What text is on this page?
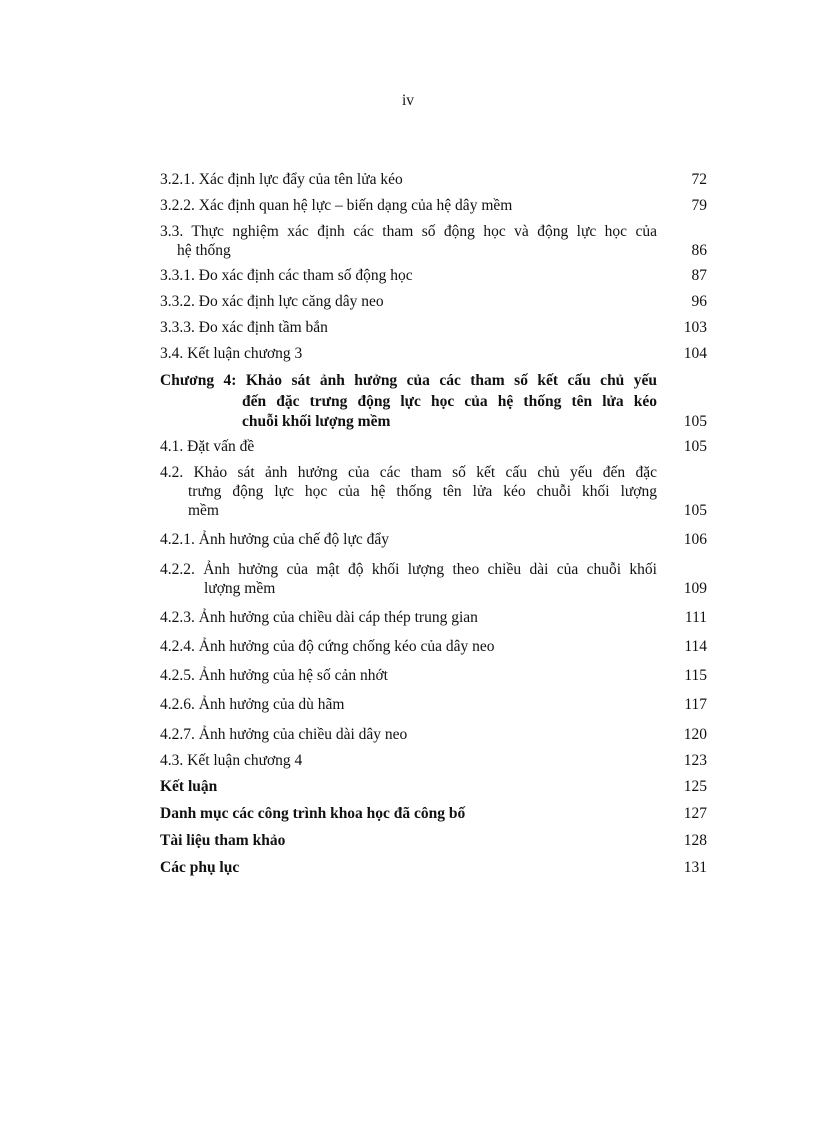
iv
3.2.1. Xác định lực đẩy của tên lửa kéo	72
3.2.2. Xác định quan hệ lực – biến dạng của hệ dây mềm	79
3.3. Thực nghiệm xác định các tham số động học và động lực học của
hệ thống	86
3.3.1. Đo xác định các tham số động học	87
3.3.2. Đo xác định lực căng dây neo	96
3.3.3. Đo xác định tầm bắn	103
3.4. Kết luận chương 3	104
Chương 4: Khảo sát ảnh hưởng của các tham số kết cấu chủ yếu
đến đặc trưng động lực học của hệ thống tên lửa kéo
chuỗi khối lượng mềm	105
4.1. Đặt vấn đề	105
4.2. Khảo sát ảnh hưởng của các tham số kết cấu chủ yếu đến đặc
trưng động lực học của hệ thống tên lửa kéo chuỗi khối lượng
mềm	105
4.2.1. Ảnh hưởng của chế độ lực đẩy	106
4.2.2. Ảnh hưởng của mật độ khối lượng theo chiều dài của chuỗi khối
lượng mềm	109
4.2.3. Ảnh hưởng của chiều dài cáp thép trung gian	111
4.2.4. Ảnh hưởng của độ cứng chống kéo của dây neo	114
4.2.5. Ảnh hưởng của hệ số cản nhớt	115
4.2.6. Ảnh hưởng của dù hãm	117
4.2.7. Ảnh hưởng của chiều dài dây neo	120
4.3. Kết luận chương 4	123
Kết luận	125
Danh mục các công trình khoa học đã công bố	127
Tài liệu tham khảo	128
Các phụ lục	131
